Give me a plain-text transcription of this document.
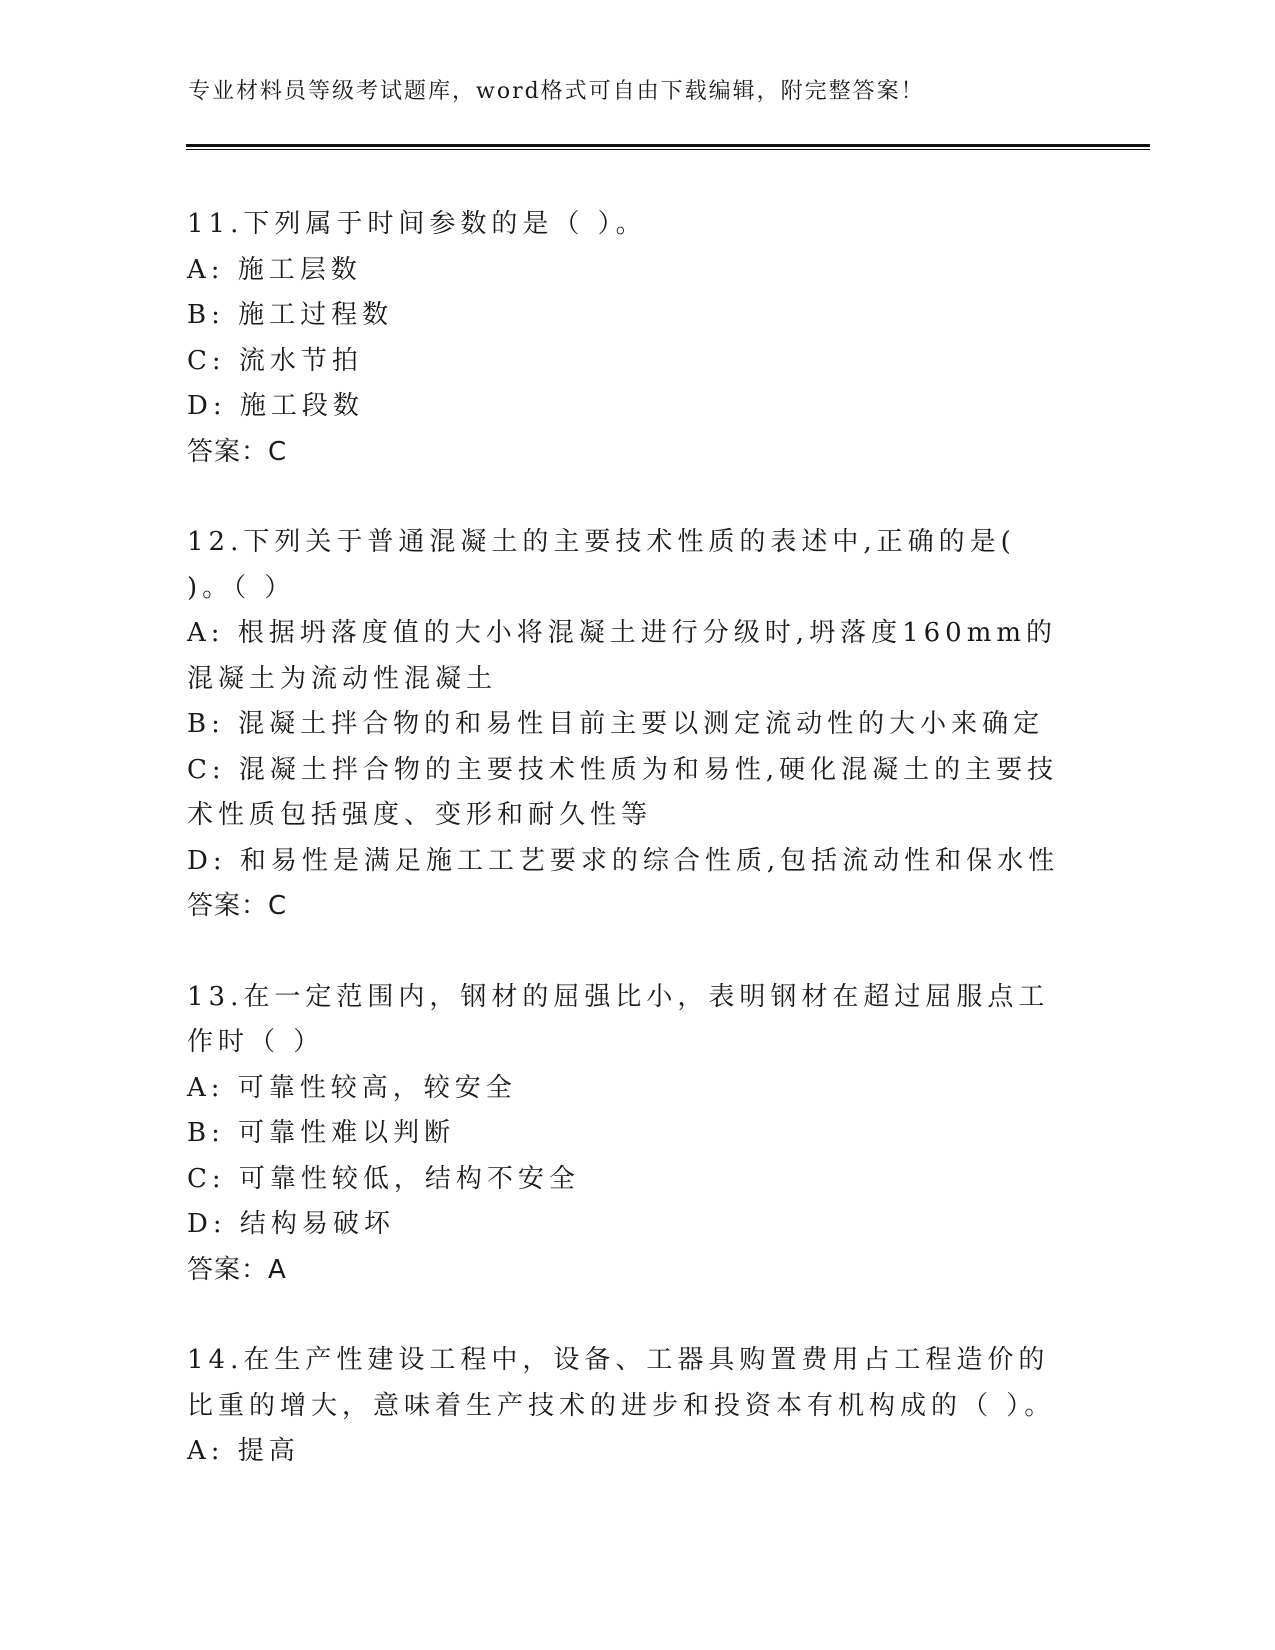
专业材料员等级考试题库，word格式可自由下载编辑，附完整答案！
11.下列属于时间参数的是（ ）。
A: 施工层数
B: 施工过程数
C: 流水节拍
D: 施工段数
答案：C
12.下列关于普通混凝土的主要技术性质的表述中,正确的是( )。（ ）
A: 根据坍落度值的大小将混凝土进行分级时,坍落度160mm的混凝土为流动性混凝土
B: 混凝土拌合物的和易性目前主要以测定流动性的大小来确定
C: 混凝土拌合物的主要技术性质为和易性,硬化混凝土的主要技术性质包括强度、变形和耐久性等
D: 和易性是满足施工工艺要求的综合性质,包括流动性和保水性
答案：C
13.在一定范围内，钢材的屈强比小，表明钢材在超过屈服点工作时（ ）
A: 可靠性较高，较安全
B: 可靠性难以判断
C: 可靠性较低，结构不安全
D: 结构易破坏
答案：A
14.在生产性建设工程中，设备、工器具购置费用占工程造价的比重的增大，意味着生产技术的进步和投资本有机构成的（ ）。
A: 提高
